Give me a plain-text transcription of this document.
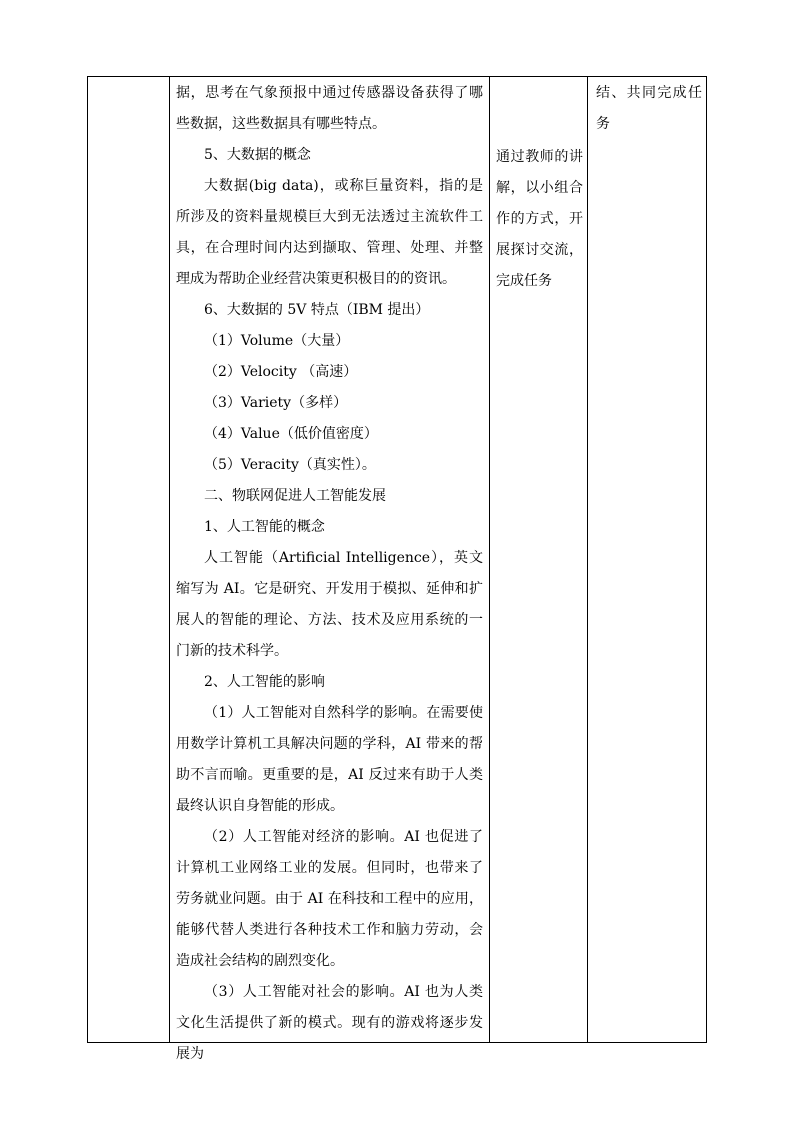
据，思考在气象预报中通过传感器设备获得了哪些数据，这些数据具有哪些特点。

5、大数据的概念

大数据(big data)，或称巨量资料，指的是所涉及的资料量规模巨大到无法透过主流软件工具，在合理时间内达到撷取、管理、处理、并整理成为帮助企业经营决策更积极目的的资讯。

6、大数据的 5V 特点（IBM 提出）

（1）Volume（大量）

（2）Velocity （高速）

（3）Variety（多样）

（4）Value（低价值密度）

（5）Veracity（真实性）。

二、物联网促进人工智能发展

1、人工智能的概念

人工智能（Artificial Intelligence），英文缩写为 AI。它是研究、开发用于模拟、延伸和扩展人的智能的理论、方法、技术及应用系统的一门新的技术科学。

2、人工智能的影响

（1）人工智能对自然科学的影响。在需要使用数学计算机工具解决问题的学科，AI 带来的帮助不言而喻。更重要的是，AI 反过来有助于人类最终认识自身智能的形成。

（2）人工智能对经济的影响。AI 也促进了计算机工业网络工业的发展。但同时，也带来了劳务就业问题。由于 AI 在科技和工程中的应用，能够代替人类进行各种技术工作和脑力劳动，会造成社会结构的剧烈变化。

（3）人工智能对社会的影响。AI 也为人类文化生活提供了新的模式。现有的游戏将逐步发展为

通过教师的讲解，以小组合作的方式，开展探讨交流，完成任务

结、共同完成任务
